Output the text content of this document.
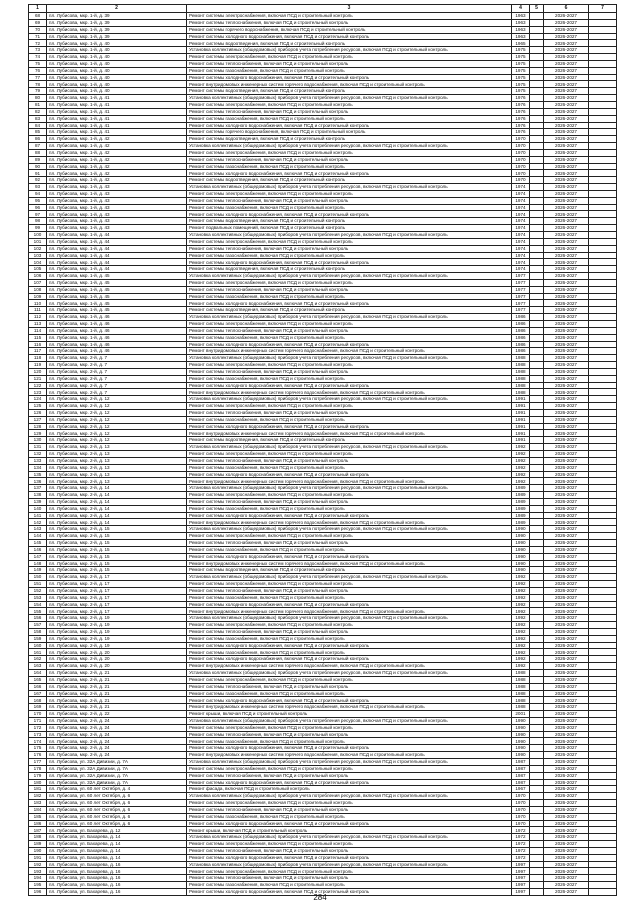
1	2	3	4	5	6	7
68	пл. Лубисова, мкр. 1-й, д. 39	Ремонт системы электроснабжения, включая ПСД и строительный контроль	1963		2026-2027	
69	пл. Лубисова, мкр. 1-й, д. 39	Ремонт системы теплоснабжения, включая ПСД и строительный контроль	1963		2026-2027	
70	пл. Лубисова, мкр. 1-й, д. 39	Ремонт системы горячего водоснабжения, включая ПСД и строительный контроль	1963		2026-2027	
71	пл. Лубисова, мкр. 1-й, д. 39	Ремонт системы холодного водоснабжения, включая ПСД и строительный контроль	1963		2026-2027	
72	пл. Лубисова, мкр. 1-й, д. 40	Ремонт системы водоотведения, включая ПСД и строительный контроль	1965		2026-2027	
73	пл. Лубисова, мкр. 1-й, д. 40	Установка коллективных (общедомовых) приборов учета потребления ресурсов, включая ПСД и строительный контроль	1975		2026-2027	
74	пл. Лубисова, мкр. 1-й, д. 40	Ремонт системы электроснабжения, включая ПСД и строительный контроль	1975		2026-2027	
75	пл. Лубисова, мкр. 1-й, д. 40	Ремонт системы теплоснабжения, включая ПСД и строительный контроль	1975		2026-2027	
76	пл. Лубисова, мкр. 1-й, д. 40	Ремонт системы газоснабжения, включая ПСД и строительный контроль	1975		2026-2027	
77	пл. Лубисова, мкр. 1-й, д. 40	Ремонт системы холодного водоснабжения, включая ПСД и строительный контроль	1975		2026-2027	
78	пл. Лубисова, мкр. 1-й, д. 40	Ремонт внутридомовых инженерных систем горячего водоснабжения, включая ПСД и строительный контроль	1975		2026-2027	
79	пл. Лубисова, мкр. 1-й, д. 40	Ремонт системы водоотведения, включая ПСД и строительный контроль	1975		2026-2027	
80	пл. Лубисова, мкр. 1-й, д. 41	Установка коллективных (общедомовых) приборов учета потребления ресурсов, включая ПСД и строительный контроль	1976		2026-2027	
81	пл. Лубисова, мкр. 1-й, д. 41	Ремонт системы электроснабжения, включая ПСД и строительный контроль	1976		2026-2027	
82	пл. Лубисова, мкр. 1-й, д. 41	Ремонт системы теплоснабжения, включая ПСД и строительный контроль	1976		2026-2027	
83	пл. Лубисова, мкр. 1-й, д. 41	Ремонт системы газоснабжения, включая ПСД и строительный контроль	1976		2026-2027	
84	пл. Лубисова, мкр. 1-й, д. 41	Ремонт системы холодного водоснабжения, включая ПСД и строительный контроль	1976		2026-2027	
85	пл. Лубисова, мкр. 1-й, д. 41	Ремонт системы горячего водоснабжения, включая ПСД и строительный контроль	1976		2026-2027	
86	пл. Лубисова, мкр. 1-й, д. 42	Ремонт системы водоотведения, включая ПСД и строительный контроль	1970		2026-2027	
87	пл. Лубисова, мкр. 1-й, д. 42	Установка коллективных (общедомовых) приборов учета потребления ресурсов, включая ПСД и строительный контроль	1970		2026-2027	
88	пл. Лубисова, мкр. 1-й, д. 42	Ремонт системы электроснабжения, включая ПСД и строительный контроль	1970		2026-2027	
89	пл. Лубисова, мкр. 1-й, д. 42	Ремонт системы теплоснабжения, включая ПСД и строительный контроль	1970		2026-2027	
90	пл. Лубисова, мкр. 1-й, д. 42	Ремонт системы газоснабжения, включая ПСД и строительный контроль	1970		2026-2027	
91	пл. Лубисова, мкр. 1-й, д. 42	Ремонт системы холодного водоснабжения, включая ПСД и строительный контроль	1970		2026-2027	
92	пл. Лубисова, мкр. 1-й, д. 42	Ремонт системы водоотведения, включая ПСД и строительный контроль	1970		2026-2027	
93	пл. Лубисова, мкр. 1-й, д. 43	Установка коллективных (общедомовых) приборов учета потребления ресурсов, включая ПСД и строительный контроль	1974		2026-2027	
94	пл. Лубисова, мкр. 1-й, д. 43	Ремонт системы электроснабжения, включая ПСД и строительный контроль	1974		2026-2027	
95	пл. Лубисова, мкр. 1-й, д. 43	Ремонт системы теплоснабжения, включая ПСД и строительный контроль	1974		2026-2027	
96	пл. Лубисова, мкр. 1-й, д. 43	Ремонт системы газоснабжения, включая ПСД и строительный контроль	1974		2026-2027	
97	пл. Лубисова, мкр. 1-й, д. 43	Ремонт системы холодного водоснабжения, включая ПСД и строительный контроль	1974		2026-2027	
98	пл. Лубисова, мкр. 1-й, д. 43	Ремонт системы водоотведения, включая ПСД и строительный контроль	1974		2026-2027	
99	пл. Лубисова, мкр. 1-й, д. 43	Ремонт подвальных помещений, включая ПСД и строительный контроль	1974		2026-2027	
100	пл. Лубисова, мкр. 1-й, д. 44	Установка коллективных (общедомовых) приборов учета потребления ресурсов, включая ПСД и строительный контроль	1974		2026-2027	
101	пл. Лубисова, мкр. 1-й, д. 44	Ремонт системы электроснабжения, включая ПСД и строительный контроль	1974		2026-2027	
102	пл. Лубисова, мкр. 1-й, д. 44	Ремонт системы теплоснабжения, включая ПСД и строительный контроль	1974		2026-2027	
103	пл. Лубисова, мкр. 1-й, д. 44	Ремонт системы газоснабжения, включая ПСД и строительный контроль	1974		2026-2027	
104	пл. Лубисова, мкр. 1-й, д. 44	Ремонт системы холодного водоснабжения, включая ПСД и строительный контроль	1974		2026-2027	
105	пл. Лубисова, мкр. 1-й, д. 44	Ремонт системы водоотведения, включая ПСД и строительный контроль	1974		2026-2027	
106	пл. Лубисова, мкр. 1-й, д. 45	Установка коллективных (общедомовых) приборов учета потребления ресурсов, включая ПСД и строительный контроль	1977		2026-2027	
107	пл. Лубисова, мкр. 1-й, д. 45	Ремонт системы электроснабжения, включая ПСД и строительный контроль	1977		2026-2027	
108	пл. Лубисова, мкр. 1-й, д. 45	Ремонт системы теплоснабжения, включая ПСД и строительный контроль	1977		2026-2027	
109	пл. Лубисова, мкр. 1-й, д. 45	Ремонт системы газоснабжения, включая ПСД и строительный контроль	1977		2026-2027	
110	пл. Лубисова, мкр. 1-й, д. 45	Ремонт системы холодного водоснабжения, включая ПСД и строительный контроль	1977		2026-2027	
111	пл. Лубисова, мкр. 1-й, д. 45	Ремонт системы водоотведения, включая ПСД и строительный контроль	1977		2026-2027	
112	пл. Лубисова, мкр. 1-й, д. 46	Установка коллективных (общедомовых) приборов учета потребления ресурсов, включая ПСД и строительный контроль	1986		2026-2027	
113	пл. Лубисова, мкр. 1-й, д. 46	Ремонт системы электроснабжения, включая ПСД и строительный контроль	1986		2026-2027	
114	пл. Лубисова, мкр. 1-й, д. 46	Ремонт системы теплоснабжения, включая ПСД и строительный контроль	1986		2026-2027	
115	пл. Лубисова, мкр. 1-й, д. 46	Ремонт системы газоснабжения, включая ПСД и строительный контроль	1986		2026-2027	
116	пл. Лубисова, мкр. 1-й, д. 46	Ремонт системы холодного водоснабжения, включая ПСД и строительный контроль	1986		2026-2027	
117	пл. Лубисова, мкр. 1-й, д. 46	Ремонт внутридомовых инженерных систем горячего водоснабжения, включая ПСД и строительный контроль	1986		2026-2027	
118	пл. Лубисова, мкр. 2-й, д. 7	Установка коллективных (общедомовых) приборов учета потребления ресурсов, включая ПСД и строительный контроль	1988		2026-2027	
119	пл. Лубисова, мкр. 2-й, д. 7	Ремонт системы электроснабжения, включая ПСД и строительный контроль	1988		2026-2027	
120	пл. Лубисова, мкр. 2-й, д. 7	Ремонт системы теплоснабжения, включая ПСД и строительный контроль	1988		2026-2027	
121	пл. Лубисова, мкр. 2-й, д. 7	Ремонт системы газоснабжения, включая ПСД и строительный контроль	1988		2026-2027	
122	пл. Лубисова, мкр. 2-й, д. 7	Ремонт системы холодного водоснабжения, включая ПСД и строительный контроль	1988		2026-2027	
123	пл. Лубисова, мкр. 2-й, д. 7	Ремонт внутридомовых инженерных систем горячего водоснабжения, включая ПСД и строительный контроль	1988		2026-2027	
124	пл. Лубисова, мкр. 2-й, д. 12	Установка коллективных (общедомовых) приборов учета потребления ресурсов, включая ПСД и строительный контроль	1991		2026-2027	
125	пл. Лубисова, мкр. 2-й, д. 12	Ремонт системы электроснабжения, включая ПСД и строительный контроль	1991		2026-2027	
126	пл. Лубисова, мкр. 2-й, д. 12	Ремонт системы теплоснабжения, включая ПСД и строительный контроль	1991		2026-2027	
127	пл. Лубисова, мкр. 2-й, д. 12	Ремонт системы газоснабжения, включая ПСД и строительный контроль	1991		2026-2027	
128	пл. Лубисова, мкр. 2-й, д. 12	Ремонт системы холодного водоснабжения, включая ПСД и строительный контроль	1991		2026-2027	
129	пл. Лубисова, мкр. 2-й, д. 12	Ремонт внутридомовых инженерных систем горячего водоснабжения, включая ПСД и строительный контроль	1991		2026-2027	
130	пл. Лубисова, мкр. 2-й, д. 12	Ремонт системы водоотведения, включая ПСД и строительный контроль	1991		2026-2027	
131	пл. Лубисова, мкр. 2-й, д. 13	Установка коллективных (общедомовых) приборов учета потребления ресурсов, включая ПСД и строительный контроль	1992		2026-2027	
132	пл. Лубисова, мкр. 2-й, д. 13	Ремонт системы электроснабжения, включая ПСД и строительный контроль	1992		2026-2027	
133	пл. Лубисова, мкр. 2-й, д. 13	Ремонт системы теплоснабжения, включая ПСД и строительный контроль	1992		2026-2027	
134	пл. Лубисова, мкр. 2-й, д. 13	Ремонт системы газоснабжения, включая ПСД и строительный контроль	1992		2026-2027	
135	пл. Лубисова, мкр. 2-й, д. 13	Ремонт системы холодного водоснабжения, включая ПСД и строительный контроль	1992		2026-2027	
136	пл. Лубисова, мкр. 2-й, д. 13	Ремонт внутридомовых инженерных систем горячего водоснабжения, включая ПСД и строительный контроль	1992		2026-2027	
137	пл. Лубисова, мкр. 2-й, д. 14	Установка коллективных (общедомовых) приборов учета потребления ресурсов, включая ПСД и строительный контроль	1989		2026-2027	
138	пл. Лубисова, мкр. 2-й, д. 14	Ремонт системы электроснабжения, включая ПСД и строительный контроль	1989		2026-2027	
139	пл. Лубисова, мкр. 2-й, д. 14	Ремонт системы теплоснабжения, включая ПСД и строительный контроль	1989		2026-2027	
140	пл. Лубисова, мкр. 2-й, д. 14	Ремонт системы газоснабжения, включая ПСД и строительный контроль	1989		2026-2027	
141	пл. Лубисова, мкр. 2-й, д. 14	Ремонт системы холодного водоснабжения, включая ПСД и строительный контроль	1989		2026-2027	
142	пл. Лубисова, мкр. 2-й, д. 14	Ремонт внутридомовых инженерных систем горячего водоснабжения, включая ПСД и строительный контроль	1989		2026-2027	
143	пл. Лубисова, мкр. 2-й, д. 15	Установка коллективных (общедомовых) приборов учета потребления ресурсов, включая ПСД и строительный контроль	1990		2026-2027	
144	пл. Лубисова, мкр. 2-й, д. 15	Ремонт системы электроснабжения, включая ПСД и строительный контроль	1990		2026-2027	
145	пл. Лубисова, мкр. 2-й, д. 15	Ремонт системы теплоснабжения, включая ПСД и строительный контроль	1990		2026-2027	
146	пл. Лубисова, мкр. 2-й, д. 15	Ремонт системы газоснабжения, включая ПСД и строительный контроль	1990		2026-2027	
147	пл. Лубисова, мкр. 2-й, д. 15	Ремонт системы холодного водоснабжения, включая ПСД и строительный контроль	1990		2026-2027	
148	пл. Лубисова, мкр. 2-й, д. 15	Ремонт внутридомовых инженерных систем горячего водоснабжения, включая ПСД и строительный контроль	1990		2026-2027	
149	пл. Лубисова, мкр. 2-й, д. 15	Ремонт системы водоотведения, включая ПСД и строительный контроль	1990		2026-2027	
150	пл. Лубисова, мкр. 2-й, д. 17	Установка коллективных (общедомовых) приборов учета потребления ресурсов, включая ПСД и строительный контроль	1992		2026-2027	
151	пл. Лубисова, мкр. 2-й, д. 17	Ремонт системы электроснабжения, включая ПСД и строительный контроль	1992		2026-2027	
152	пл. Лубисова, мкр. 2-й, д. 17	Ремонт системы теплоснабжения, включая ПСД и строительный контроль	1992		2026-2027	
153	пл. Лубисова, мкр. 2-й, д. 17	Ремонт системы газоснабжения, включая ПСД и строительный контроль	1992		2026-2027	
154	пл. Лубисова, мкр. 2-й, д. 17	Ремонт системы холодного водоснабжения, включая ПСД и строительный контроль	1992		2026-2027	
155	пл. Лубисова, мкр. 2-й, д. 17	Ремонт внутридомовых инженерных систем горячего водоснабжения, включая ПСД и строительный контроль	1992		2026-2027	
156	пл. Лубисова, мкр. 2-й, д. 19	Установка коллективных (общедомовых) приборов учета потребления ресурсов, включая ПСД и строительный контроль	1992		2026-2027	
157	пл. Лубисова, мкр. 2-й, д. 19	Ремонт системы электроснабжения, включая ПСД и строительный контроль	1992		2026-2027	
158	пл. Лубисова, мкр. 2-й, д. 19	Ремонт системы теплоснабжения, включая ПСД и строительный контроль	1992		2026-2027	
159	пл. Лубисова, мкр. 2-й, д. 19	Ремонт системы газоснабжения, включая ПСД и строительный контроль	1992		2026-2027	
160	пл. Лубисова, мкр. 2-й, д. 19	Ремонт системы холодного водоснабжения, включая ПСД и строительный контроль	1992		2026-2027	
161	пл. Лубисова, мкр. 2-й, д. 20	Ремонт системы газоснабжения, включая ПСД и строительный контроль	1992		2026-2027	
162	пл. Лубисова, мкр. 2-й, д. 20	Ремонт системы холодного водоснабжения, включая ПСД и строительный контроль	1992		2026-2027	
163	пл. Лубисова, мкр. 2-й, д. 20	Ремонт внутридомовых инженерных систем горячего водоснабжения, включая ПСД и строительный контроль	1992		2026-2027	
164	пл. Лубисова, мкр. 2-й, д. 21	Установка коллективных (общедомовых) приборов учета потребления ресурсов, включая ПСД и строительный контроль	1988		2026-2027	
165	пл. Лубисова, мкр. 2-й, д. 21	Ремонт системы электроснабжения, включая ПСД и строительный контроль	1988		2026-2027	
166	пл. Лубисова, мкр. 2-й, д. 21	Ремонт системы теплоснабжения, включая ПСД и строительный контроль	1988		2026-2027	
167	пл. Лубисова, мкр. 2-й, д. 21	Ремонт системы газоснабжения, включая ПСД и строительный контроль	1988		2026-2027	
168	пл. Лубисова, мкр. 2-й, д. 21	Ремонт системы холодного водоснабжения, включая ПСД и строительный контроль	1988		2026-2027	
169	пл. Лубисова, мкр. 2-й, д. 21	Ремонт внутридомовых инженерных систем горячего водоснабжения, включая ПСД и строительный контроль	1988		2026-2027	
170	пл. Лубисова, мкр. 2-й, д. 22	Ремонт крыши, включая ПСД и строительный контроль	2001		2026-2027	
171	пл. Лубисова, мкр. 2-й, д. 24	Установка коллективных (общедомовых) приборов учета потребления ресурсов, включая ПСД и строительный контроль	1990		2026-2027	
172	пл. Лубисова, мкр. 2-й, д. 24	Ремонт системы электроснабжения, включая ПСД и строительный контроль	1990		2026-2027	
173	пл. Лубисова, мкр. 2-й, д. 24	Ремонт системы теплоснабжения, включая ПСД и строительный контроль	1990		2026-2027	
174	пл. Лубисова, мкр. 2-й, д. 24	Ремонт системы газоснабжения, включая ПСД и строительный контроль	1990		2026-2027	
175	пл. Лубисова, мкр. 2-й, д. 24	Ремонт системы холодного водоснабжения, включая ПСД и строительный контроль	1990		2026-2027	
176	пл. Лубисова, мкр. 2-й, д. 24	Ремонт внутридомовых инженерных систем горячего водоснабжения, включая ПСД и строительный контроль	1990		2026-2027	
177	пл. Лубисова, ул. 32А Дивизии, д. 7А	Установка коллективных (общедомовых) приборов учета потребления ресурсов, включая ПСД и строительный контроль	1987		2026-2027	
178	пл. Лубисова, ул. 32А Дивизии, д. 7А	Ремонт системы электроснабжения, включая ПСД и строительный контроль	1987		2026-2027	
179	пл. Лубисова, ул. 32А Дивизии, д. 7А	Ремонт системы теплоснабжения, включая ПСД и строительный контроль	1987		2026-2027	
180	пл. Лубисова, ул. 32А Дивизии, д. 7А	Ремонт системы холодного водоснабжения, включая ПСД и строительный контроль	1987		2026-2027	
181	пл. Лубисова, ул. 60 лет Октября, д. 4	Ремонт фасада, включая ПСД и строительный контроль	1967		2026-2027	
182	пл. Лубисова, ул. 60 лет Октября, д. 6	Установка коллективных (общедомовых) приборов учета потребления ресурсов, включая ПСД и строительный контроль	1970		2026-2027	
183	пл. Лубисова, ул. 60 лет Октября, д. 6	Ремонт системы электроснабжения, включая ПСД и строительный контроль	1970		2026-2027	
184	пл. Лубисова, ул. 60 лет Октября, д. 6	Ремонт системы теплоснабжения, включая ПСД и строительный контроль	1970		2026-2027	
185	пл. Лубисова, ул. 60 лет Октября, д. 6	Ремонт системы газоснабжения, включая ПСД и строительный контроль	1970		2026-2027	
186	пл. Лубисова, ул. 60 лет Октября, д. 6	Ремонт системы холодного водоснабжения, включая ПСД и строительный контроль	1970		2026-2027	
187	пл. Лубисова, ул. Бахарева, д. 12	Ремонт крыши, включая ПСД и строительный контроль	1972		2026-2027	
188	пл. Лубисова, ул. Бахарева, д. 14	Установка коллективных (общедомовых) приборов учета потребления ресурсов, включая ПСД и строительный контроль	1972		2026-2027	
189	пл. Лубисова, ул. Бахарева, д. 14	Ремонт системы электроснабжения, включая ПСД и строительный контроль	1972		2026-2027	
190	пл. Лубисова, ул. Бахарева, д. 14	Ремонт системы теплоснабжения, включая ПСД и строительный контроль	1972		2026-2027	
191	пл. Лубисова, ул. Бахарева, д. 14	Ремонт системы холодного водоснабжения, включая ПСД и строительный контроль	1972		2026-2027	
192	пл. Лубисова, ул. Бахарева, д. 16	Установка коллективных (общедомовых) приборов учета потребления ресурсов, включая ПСД и строительный контроль	1997		2026-2027	
193	пл. Лубисова, ул. Бахарева, д. 16	Ремонт системы электроснабжения, включая ПСД и строительный контроль	1997		2026-2027	
194	пл. Лубисова, ул. Бахарева, д. 16	Ремонт системы теплоснабжения, включая ПСД и строительный контроль	1997		2026-2027	
195	пл. Лубисова, ул. Бахарева, д. 16	Ремонт системы газоснабжения, включая ПСД и строительный контроль	1997		2026-2027	
196	пл. Лубисова, ул. Бахарева, д. 16	Ремонт системы холодного водоснабжения, включая ПСД и строительный контроль	1997		2026-2027	
284
